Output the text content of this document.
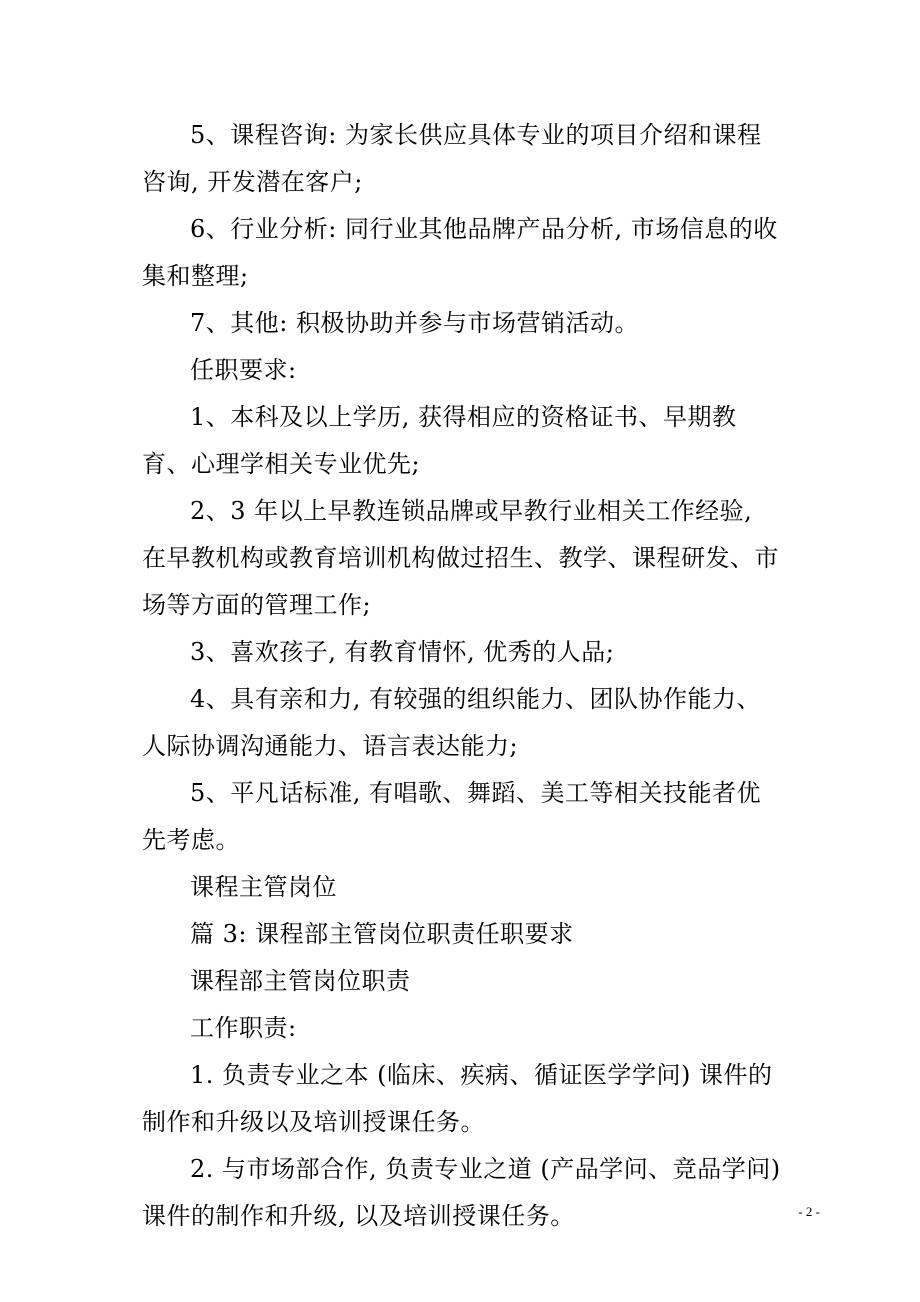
5、课程咨询: 为家长供应具体专业的项目介绍和课程咨询, 开发潜在客户;

6、行业分析: 同行业其他品牌产品分析, 市场信息的收集和整理;

7、其他: 积极协助并参与市场营销活动。

任职要求:

1、本科及以上学历, 获得相应的资格证书、早期教育、心理学相关专业优先;

2、3 年以上早教连锁品牌或早教行业相关工作经验, 在早教机构或教育培训机构做过招生、教学、课程研发、市场等方面的管理工作;

3、喜欢孩子, 有教育情怀, 优秀的人品;

4、具有亲和力, 有较强的组织能力、团队协作能力、人际协调沟通能力、语言表达能力;

5、平凡话标准, 有唱歌、舞蹈、美工等相关技能者优先考虑。

课程主管岗位

篇 3: 课程部主管岗位职责任职要求

课程部主管岗位职责

工作职责:

1. 负责专业之本 (临床、疾病、循证医学学问) 课件的制作和升级以及培训授课任务。

2. 与市场部合作, 负责专业之道 (产品学问、竞品学问) 课件的制作和升级, 以及培训授课任务。	- 2 -
